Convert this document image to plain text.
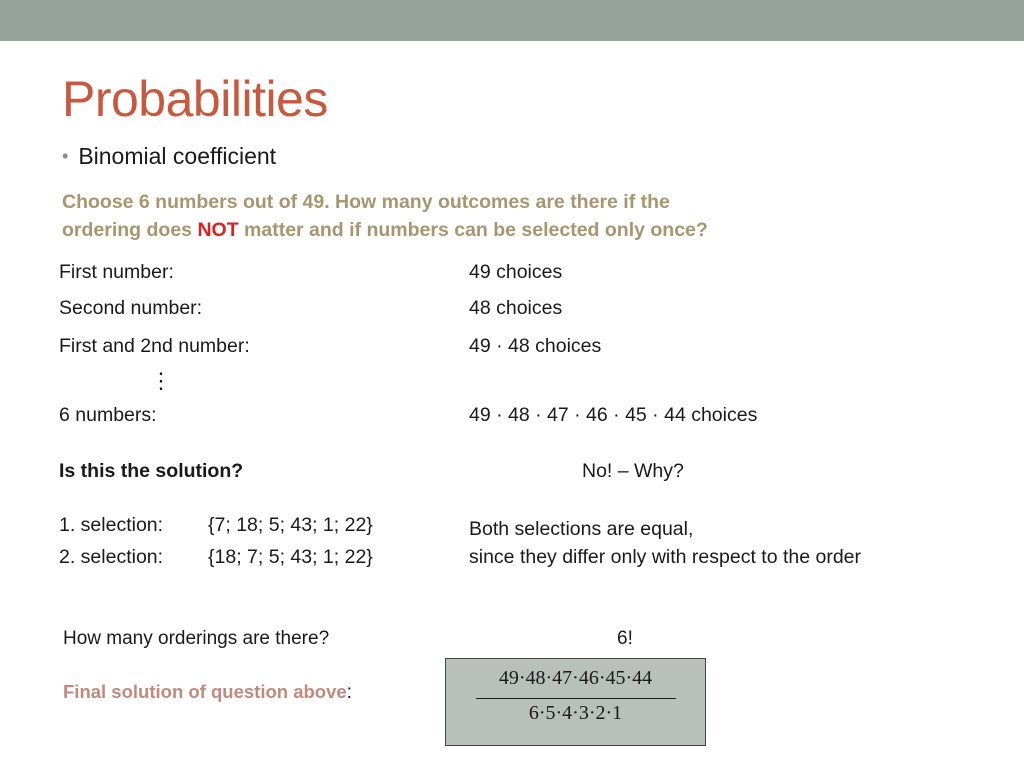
Probabilities
• Binomial coefficient
Choose 6 numbers out of 49. How many outcomes are there if the
ordering does NOT matter and if numbers can be selected only once?
First number:	49 choices
Second number:	48 choices
First and 2nd number:	49 · 48 choices
⋮
6 numbers:	49 · 48 · 47 · 46 · 45 · 44 choices
Is this the solution?	No! – Why?
1. selection: {7; 18; 5; 43; 1; 22}
2. selection: {18; 7; 5; 43; 1; 22}
Both selections are equal,
since they differ only with respect to the order
How many orderings are there?	6!
Final solution of question above:
49·48·47·46·45·44
6·5·4·3·2·1
